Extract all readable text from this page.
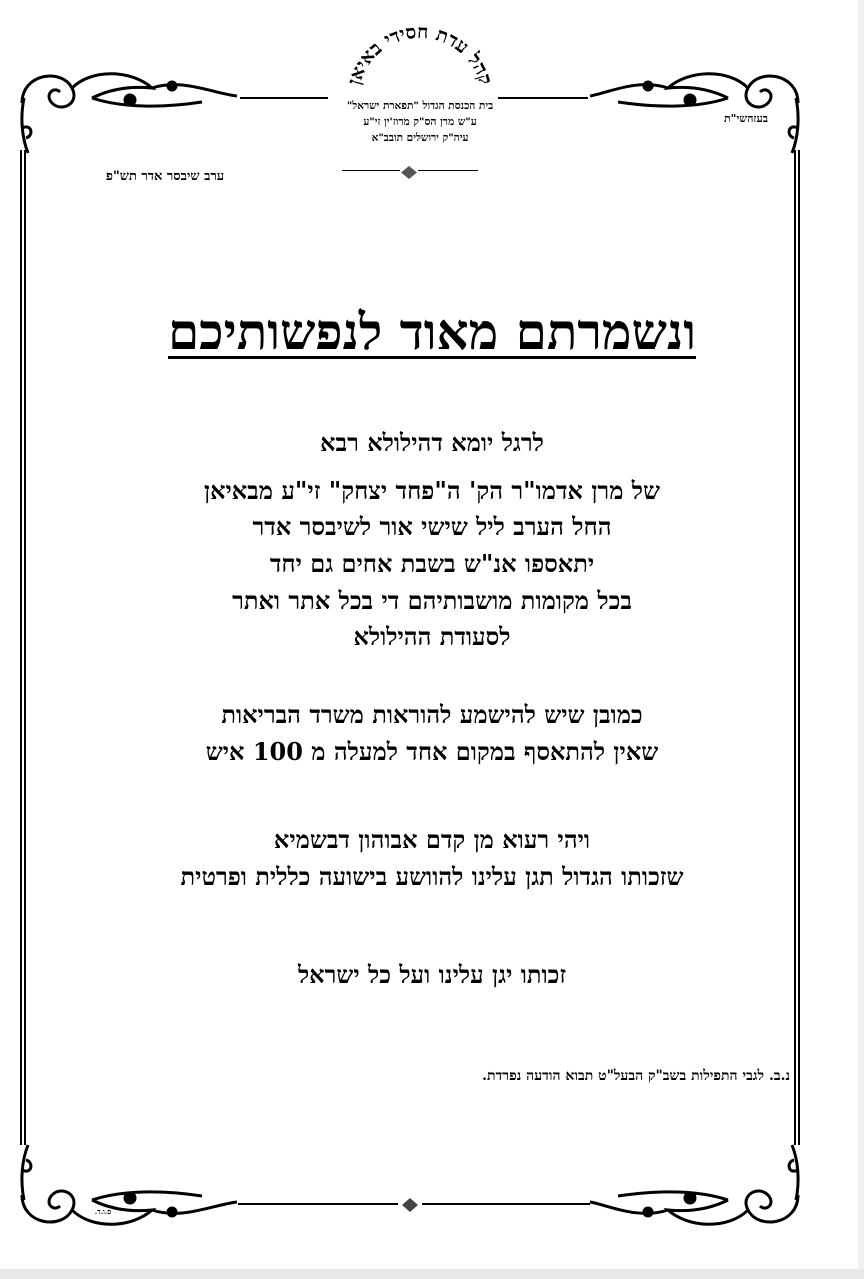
קהל עדת חסידי באיאן
בית הכנסת הגדול "תפארת ישראל"
ע"ש מרן הס"ק מרוז'ין זי"ע
עיה"ק ירושלים תובב"א
בעזהשי"ת
ערב שיבסר אדר תש"פ
ונשמרתם מאוד לנפשותיכם
לרגל יומא דהילולא רבא
של מרן אדמו"ר הק' ה"פחד יצחק" זי"ע מבאיאן
החל הערב ליל שישי אור לשיבסר אדר
יתאספו אנ"ש בשבת אחים גם יחד
בכל מקומות מושבותיהם די בכל אתר ואתר
לסעודת ההילולא
כמובן שיש להישמע להוראות משרד הבריאות
שאין להתאסף במקום אחד למעלה מ 100 איש
ויהי רעוא מן קדם אבוהון דבשמיא
שזכותו הגדול תגן עלינו להוושע בישועה כללית ופרטית
זכותו יגן עלינו ועל כל ישראל
נ.ב. לגבי התפילות בשב"ק הבעל"ט תבוא הודעה נפרדת.
ס.ו.ד.
